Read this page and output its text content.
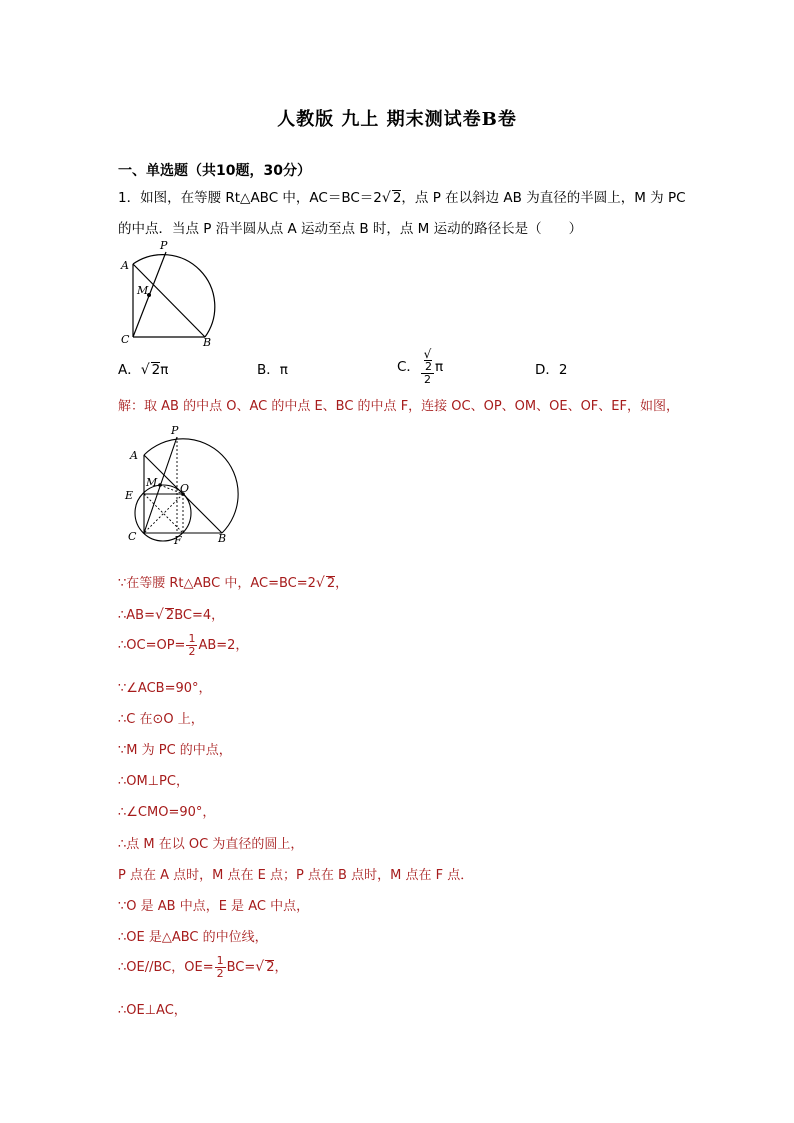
人教版 九上 期末测试卷B卷
一、单选题（共10题，30分）
1．如图，在等腰 Rt△ABC 中，AC＝BC＝2√ 2，点 P 在以斜边 AB 为直径的半圆上，M 为 PC
的中点．当点 P 沿半圆从点 A 运动至点 B 时，点 M 运动的路径长是（　　）
A
P
M
C	B
A．√ 2π	B．π	C． √
2
2 π	D．2
解：取 AB 的中点 O、AC 的中点 E、BC 的中点 F，连接 OC、OP、OM、OE、OF、EF，如图，
P
A
M O
E
C	F	B
∵在等腰 Rt△ABC 中，AC=BC=2√ 2，
∴AB=√ 2BC=4，
∴OC=OP= $\frac{1}{2} AB=2$，
∵∠ACB=90°，
∴C 在⊙O 上，
∵M 为 PC 的中点，
∴OM⊥PC，
∴∠CMO=90°，
∴点 M 在以 OC 为直径的圆上，
P 点在 A 点时，M 点在 E 点；P 点在 B 点时，M 点在 F 点．
∵O 是 AB 中点，E 是 AC 中点，
∴OE 是△ABC 的中位线，
∴OE//BC，$OE= \frac{1}{2} BC=√$ 2，
∴OE⊥AC，
